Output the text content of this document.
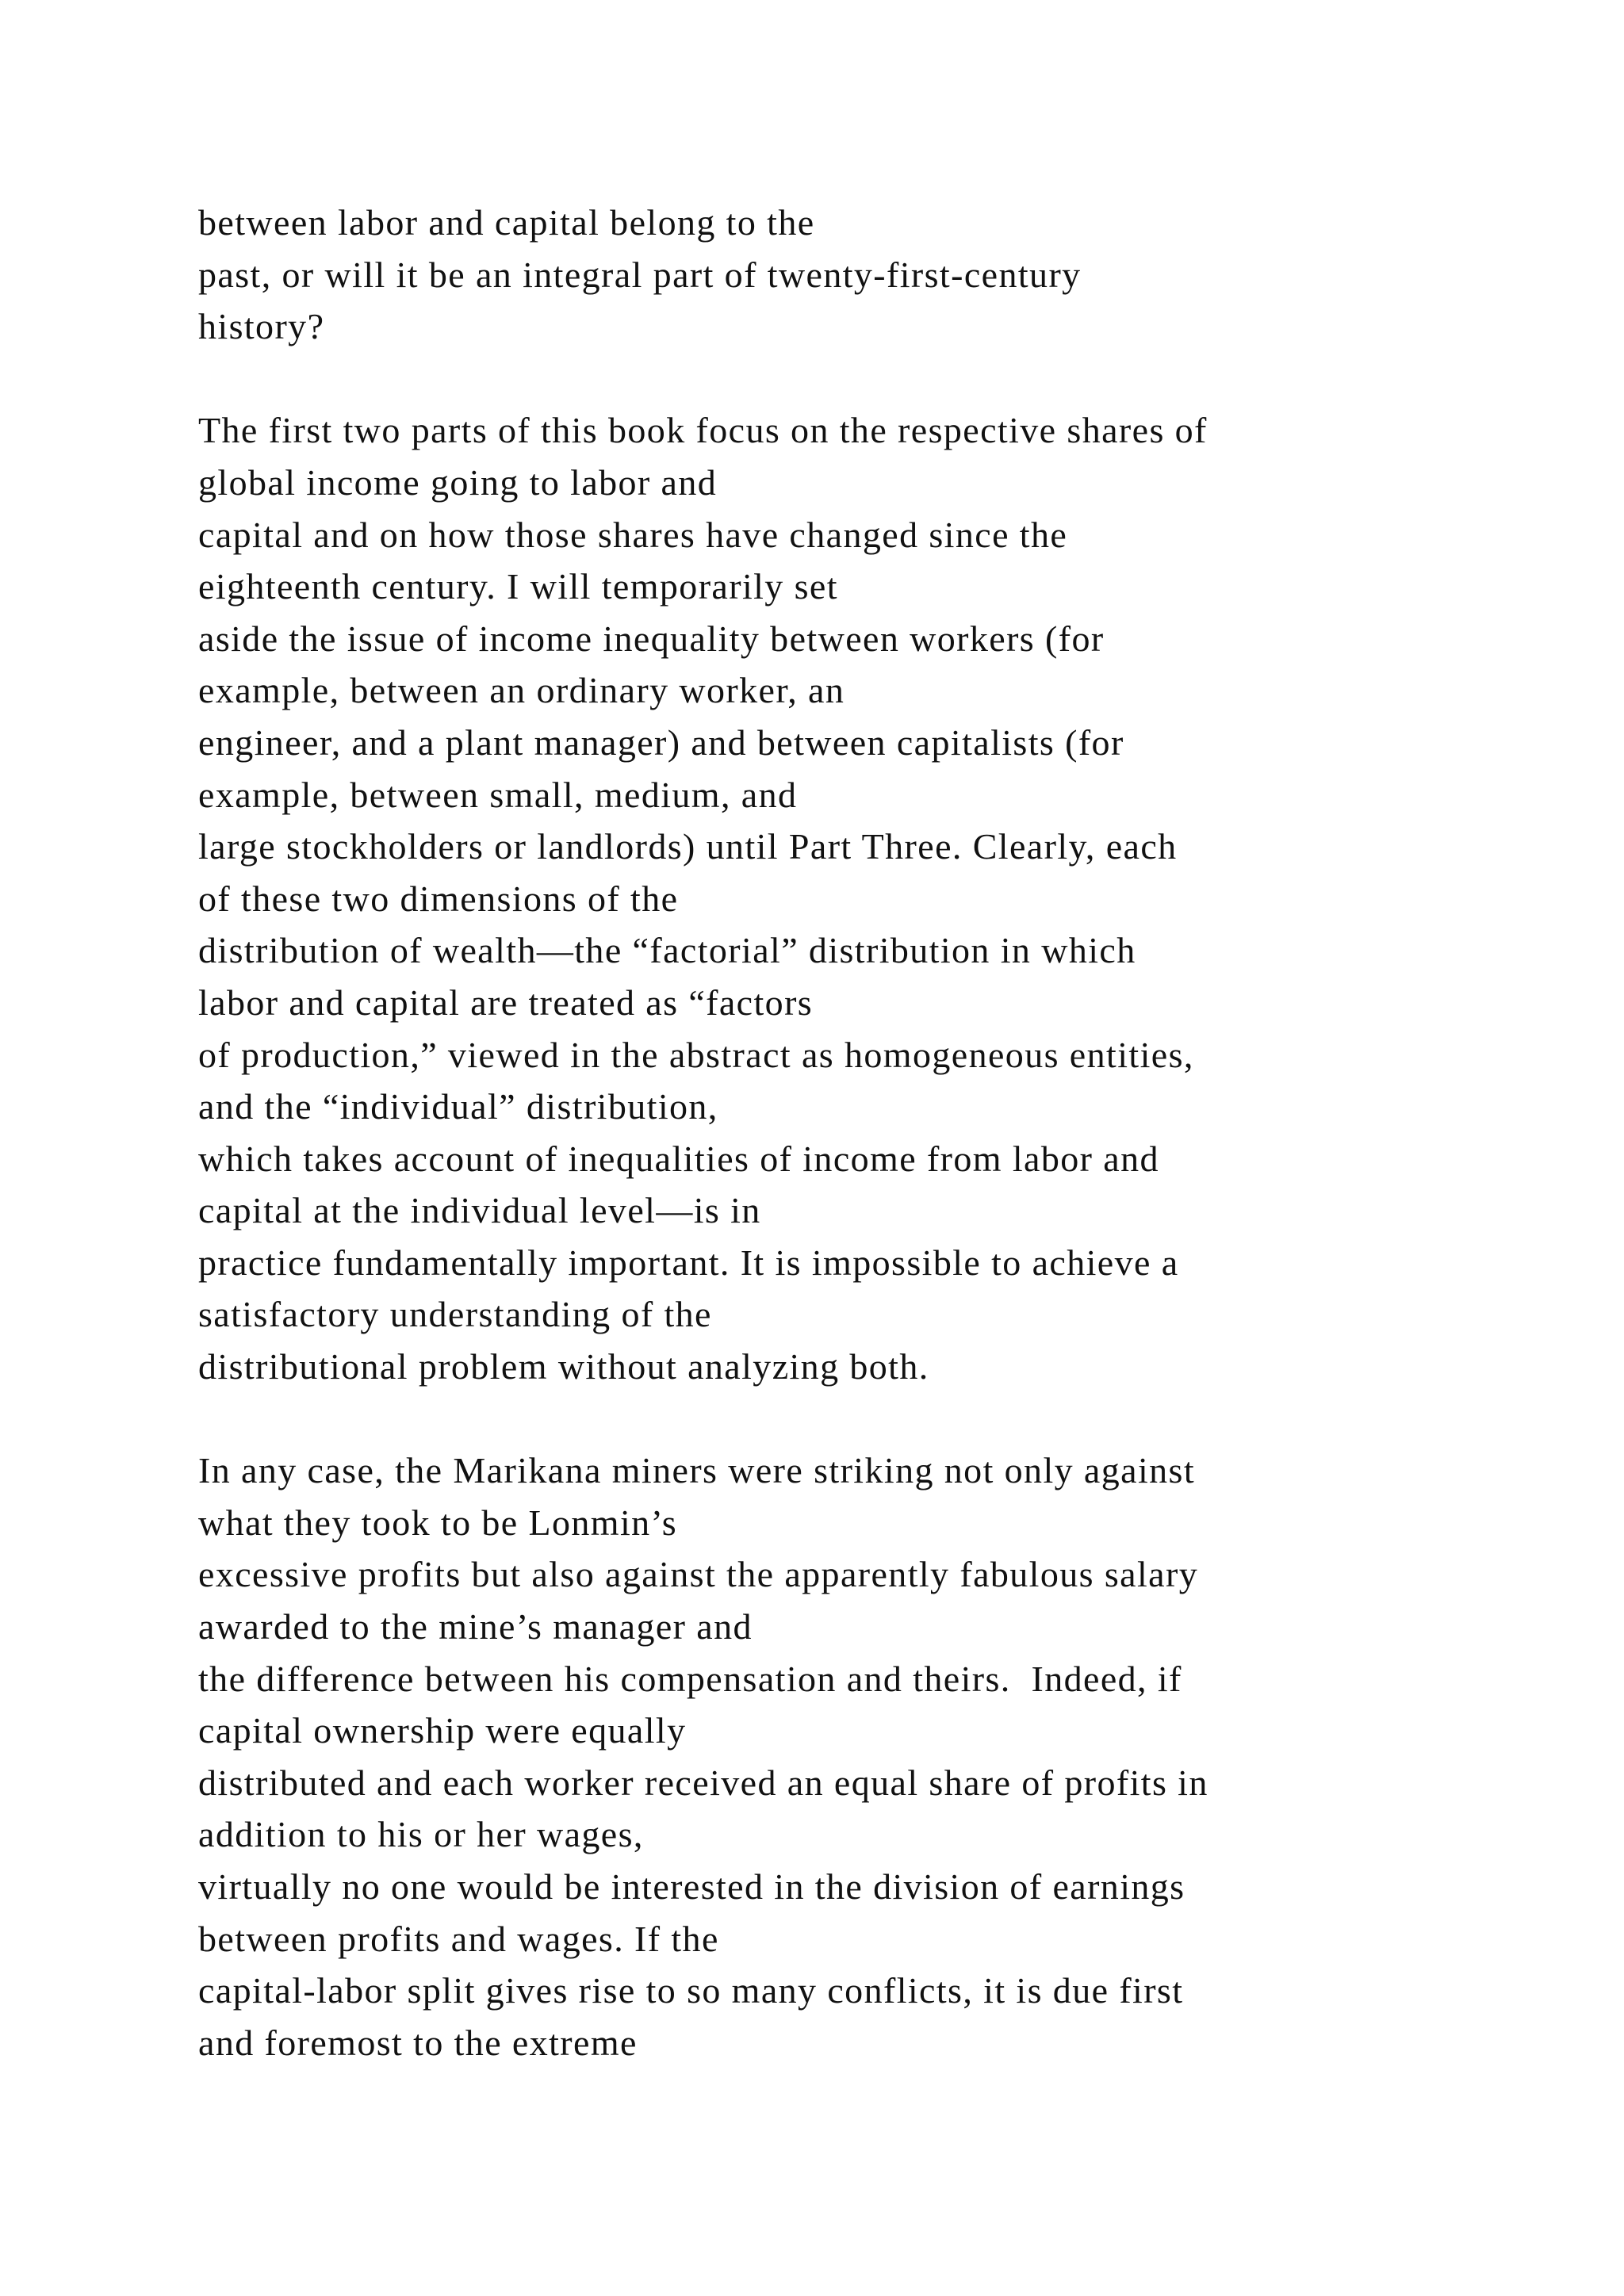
between labor and capital belong to the
past, or will it be an integral part of twenty-first-century
history?
The first two parts of this book focus on the respective shares of
global income going to labor and
capital and on how those shares have changed since the
eighteenth century. I will temporarily set
aside the issue of income inequality between workers (for
example, between an ordinary worker, an
engineer, and a plant manager) and between capitalists (for
example, between small, medium, and
large stockholders or landlords) until Part Three. Clearly, each
of these two dimensions of the
distribution of wealth—the “factorial” distribution in which
labor and capital are treated as “factors
of production,” viewed in the abstract as homogeneous entities,
and the “individual” distribution,
which takes account of inequalities of income from labor and
capital at the individual level—is in
practice fundamentally important. It is impossible to achieve a
satisfactory understanding of the
distributional problem without analyzing both.
In any case, the Marikana miners were striking not only against
what they took to be Lonmin’s
excessive profits but also against the apparently fabulous salary
awarded to the mine’s manager and
the difference between his compensation and theirs.  Indeed, if
capital ownership were equally
distributed and each worker received an equal share of profits in
addition to his or her wages,
virtually no one would be interested in the division of earnings
between profits and wages. If the
capital-labor split gives rise to so many conflicts, it is due first
and foremost to the extreme
